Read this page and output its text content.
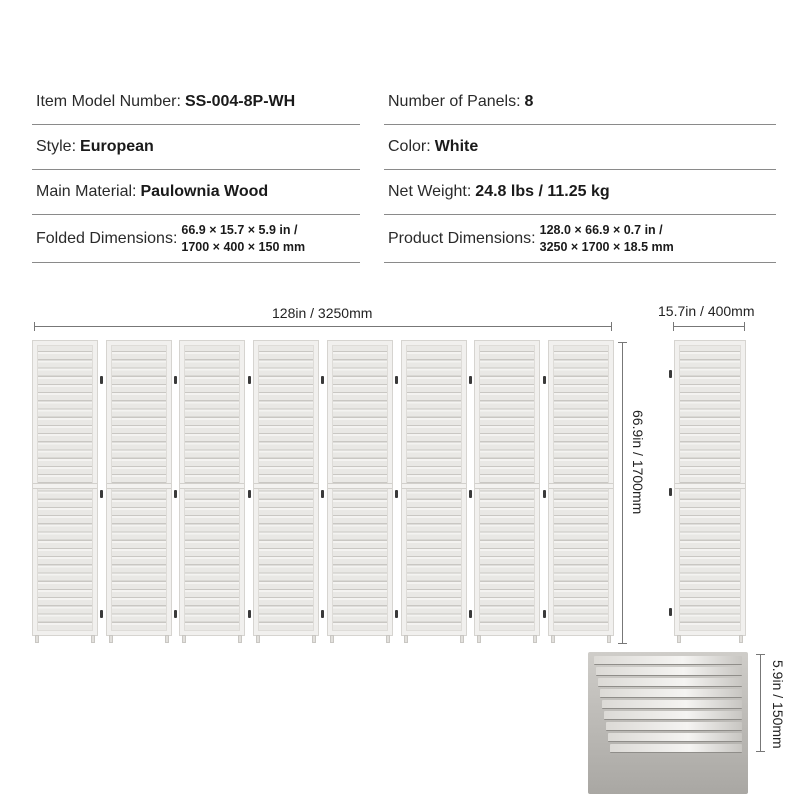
Item Model Number: SS-004-8P-WH
Style: European
Main Material: Paulownia Wood
Folded Dimensions: 66.9 × 15.7 × 5.9 in /
1700 × 400 × 150 mm
Number of Panels: 8
Color: White
Net Weight: 24.8 lbs / 11.25 kg
Product Dimensions: 128.0 × 66.9 × 0.7 in /
3250 × 1700 × 18.5 mm
128in / 3250mm
66.9in / 1700mm
15.7in / 400mm
5.9in / 150mm
